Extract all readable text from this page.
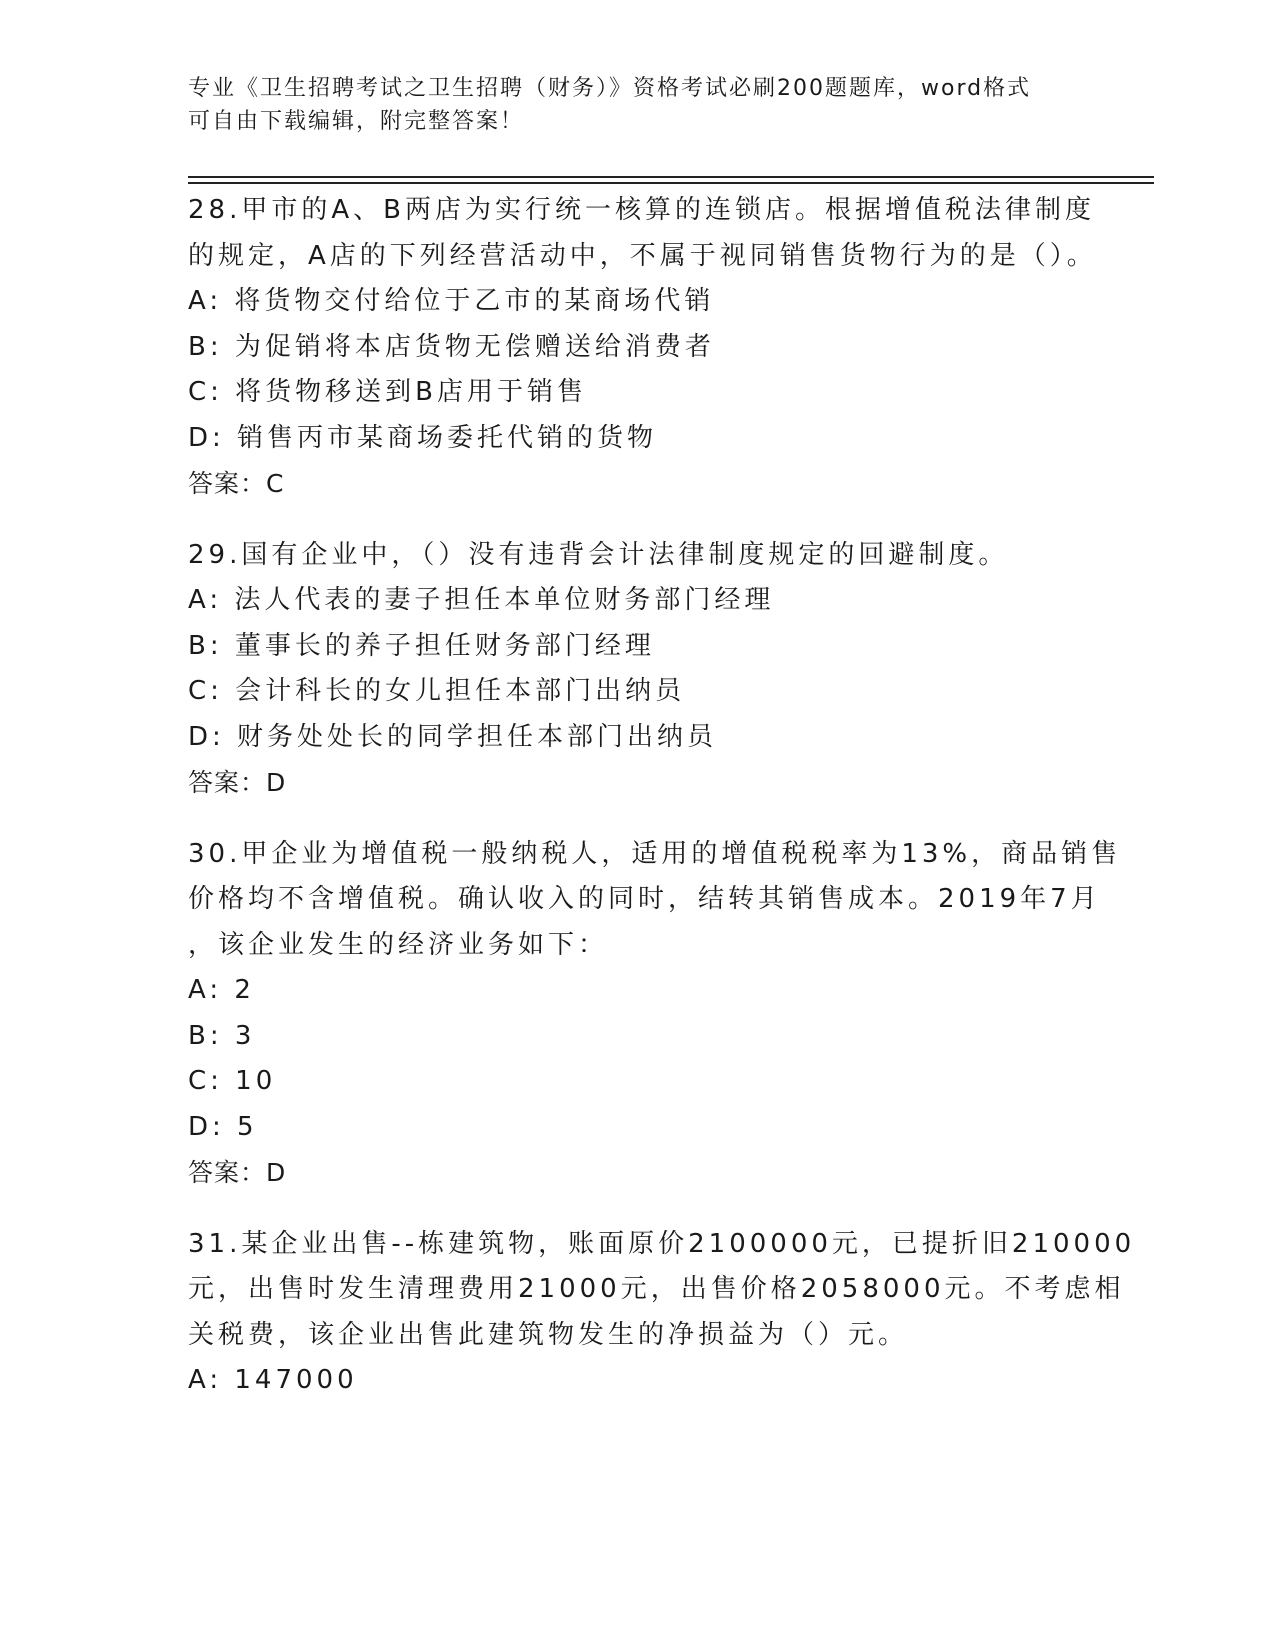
专业《卫生招聘考试之卫生招聘（财务）》资格考试必刷200题题库，word格式
可自由下载编辑，附完整答案！
28.甲市的A、B两店为实行统一核算的连锁店。根据增值税法律制度
的规定，A店的下列经营活动中，不属于视同销售货物行为的是（）。
A: 将货物交付给位于乙市的某商场代销
B: 为促销将本店货物无偿赠送给消费者
C: 将货物移送到B店用于销售
D: 销售丙市某商场委托代销的货物
答案：C
29.国有企业中，（）没有违背会计法律制度规定的回避制度。
A: 法人代表的妻子担任本单位财务部门经理
B: 董事长的养子担任财务部门经理
C: 会计科长的女儿担任本部门出纳员
D: 财务处处长的同学担任本部门出纳员
答案：D
30.甲企业为增值税一般纳税人，适用的增值税税率为13%，商品销售
价格均不含增值税。确认收入的同时，结转其销售成本。2019年7月
，该企业发生的经济业务如下：
A: 2
B: 3
C: 10
D: 5
答案：D
31.某企业出售--栋建筑物，账面原价2100000元，已提折旧210000
元，出售时发生清理费用21000元，出售价格2058000元。不考虑相
关税费，该企业出售此建筑物发生的净损益为（）元。
A: 147000
